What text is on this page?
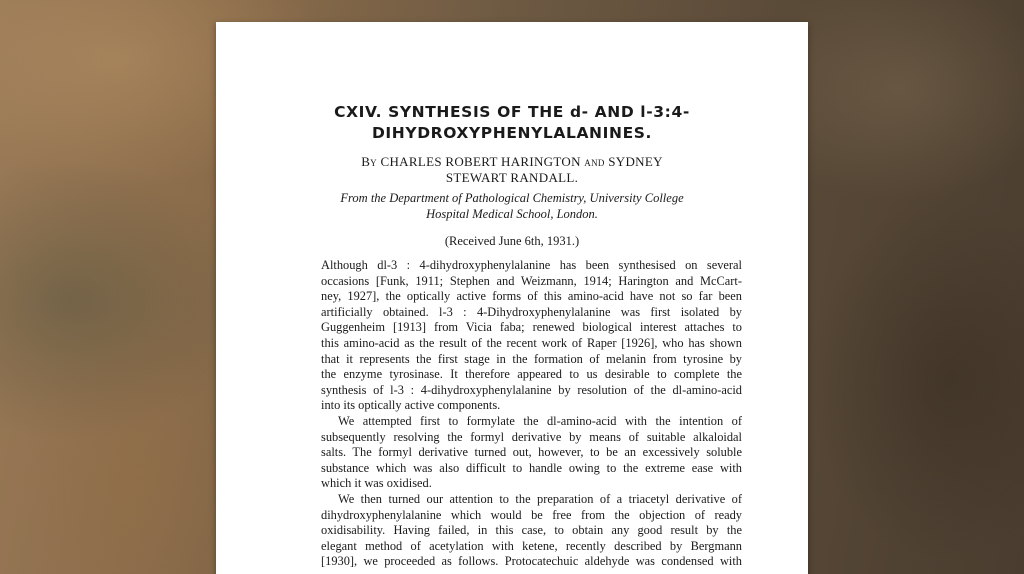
CXIV. SYNTHESIS OF THE d- AND l-3:4-
DIHYDROXYPHENYLALANINES.
By CHARLES ROBERT HARINGTON and SYDNEY
STEWART RANDALL.
From the Department of Pathological Chemistry, University College
Hospital Medical School, London.
(Received June 6th, 1931.)
Although dl-3 : 4-dihydroxyphenylalanine has been synthesised on several
occasions [Funk, 1911; Stephen and Weizmann, 1914; Harington and McCart-
ney, 1927], the optically active forms of this amino-acid have not so far been
artificially obtained. l-3 : 4-Dihydroxyphenylalanine was first isolated by
Guggenheim [1913] from Vicia faba; renewed biological interest attaches to
this amino-acid as the result of the recent work of Raper [1926], who has shown
that it represents the first stage in the formation of melanin from tyrosine by
the enzyme tyrosinase. It therefore appeared to us desirable to complete the
synthesis of l-3 : 4-dihydroxyphenylalanine by resolution of the dl-amino-acid
into its optically active components.
We attempted first to formylate the dl-amino-acid with the intention of
subsequently resolving the formyl derivative by means of suitable alkaloidal
salts. The formyl derivative turned out, however, to be an excessively soluble
substance which was also difficult to handle owing to the extreme ease with
which it was oxidised.
We then turned our attention to the preparation of a triacetyl derivative of
dihydroxyphenylalanine which would be free from the objection of ready
oxidisability. Having failed, in this case, to obtain any good result by the
elegant method of acetylation with ketene, recently described by Bergmann
[1930], we proceeded as follows. Protocatechuic aldehyde was condensed with
